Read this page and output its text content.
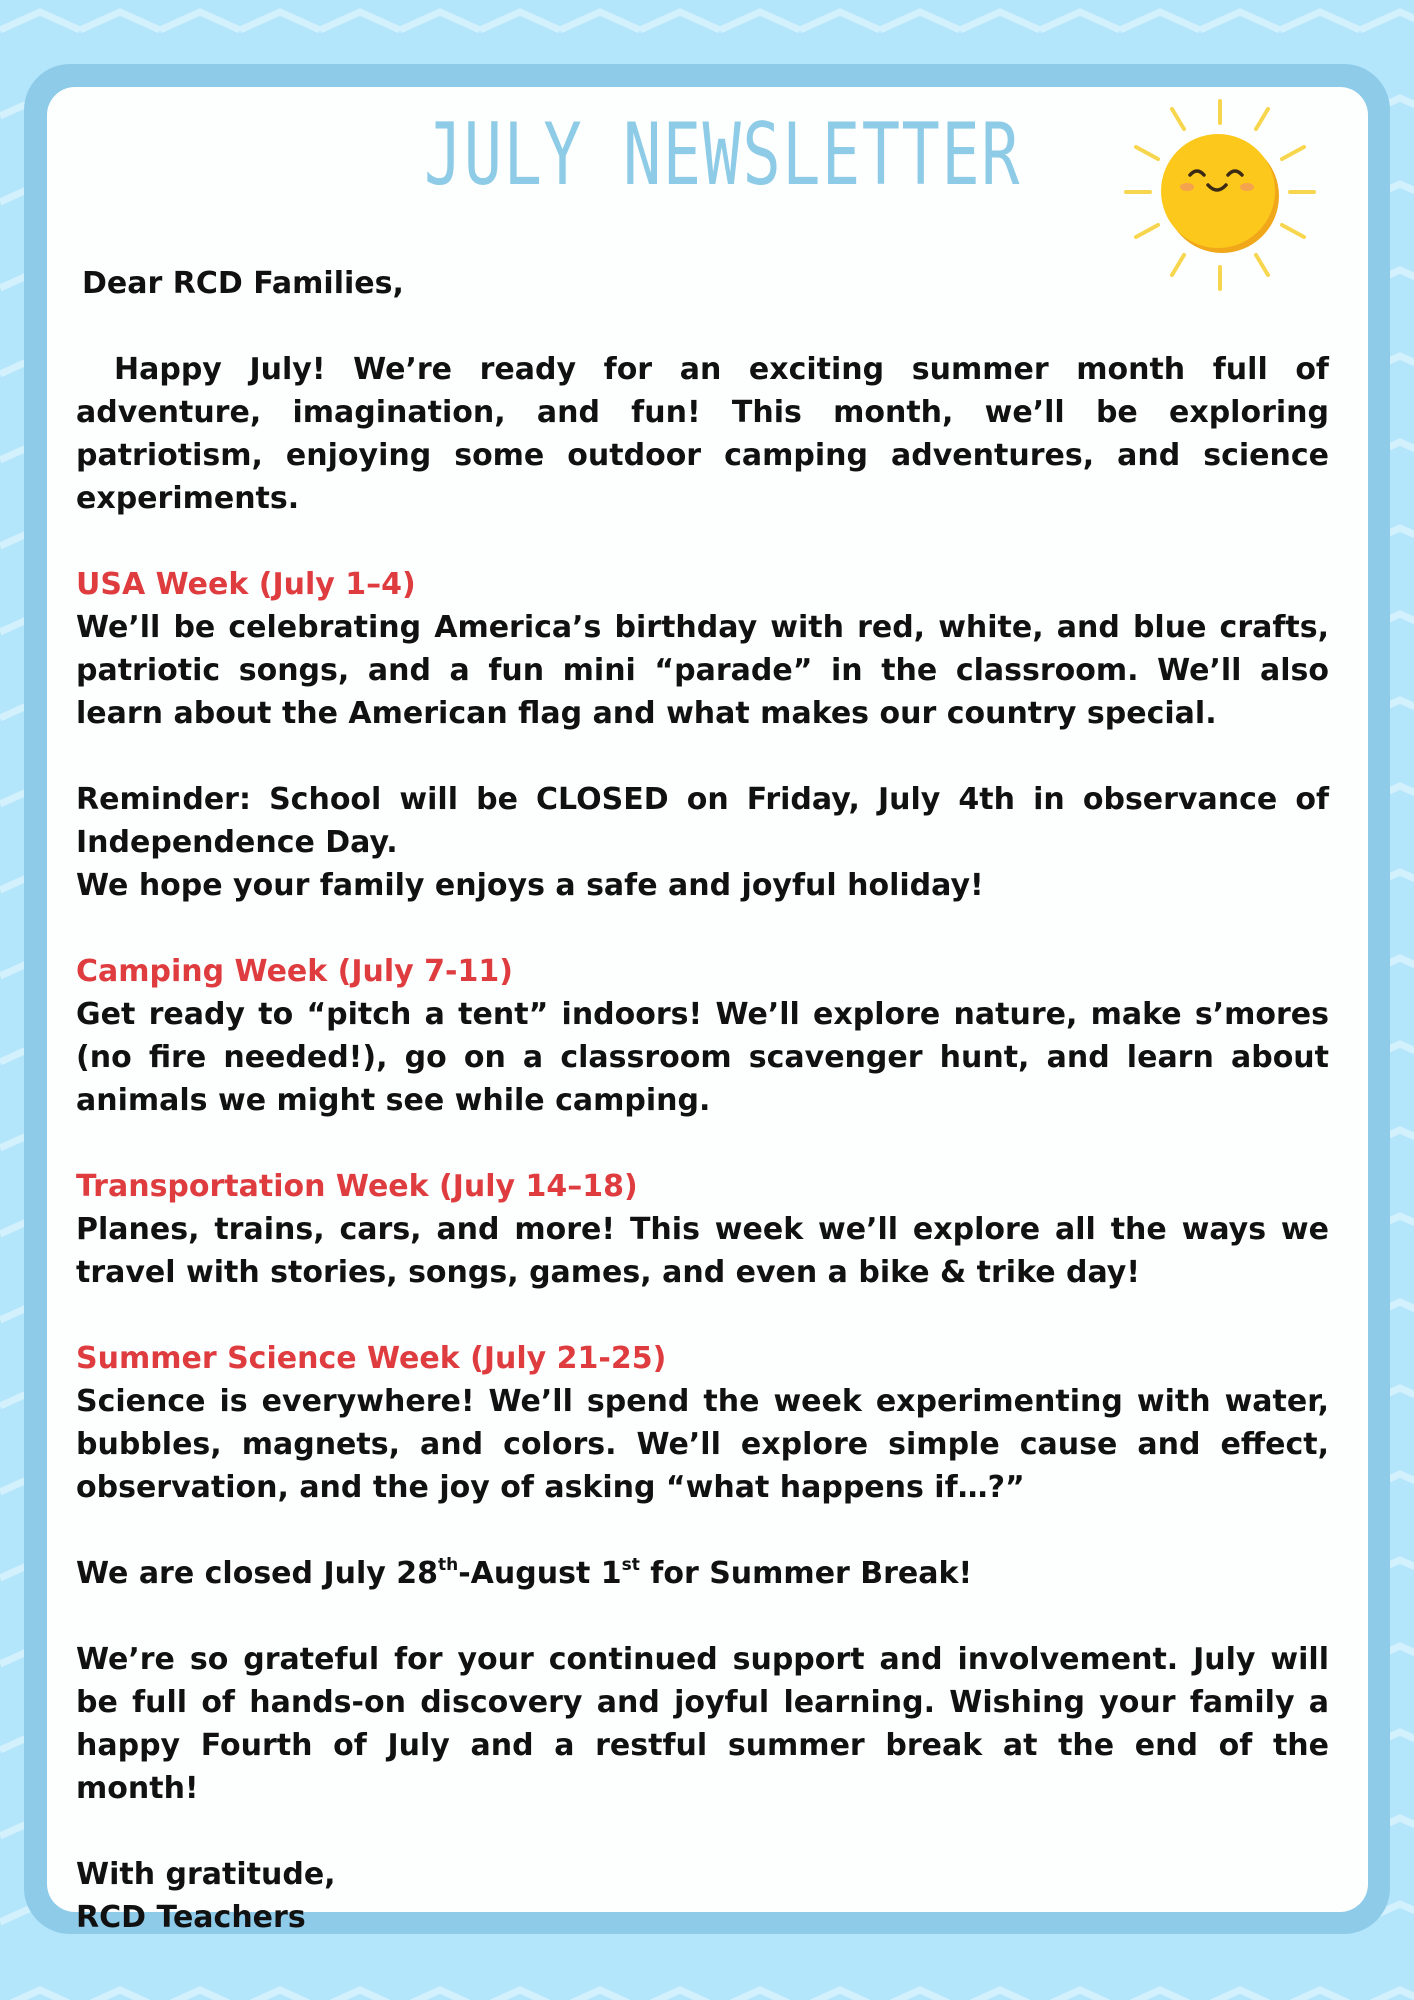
JULY NEWSLETTER

Dear RCD Families,

Happy July! We’re ready for an exciting summer month full of adventure, imagination, and fun! This month, we’ll be exploring patriotism, enjoying some outdoor camping adventures, and science experiments.

USA Week (July 1–4)

We’ll be celebrating America’s birthday with red, white, and blue crafts, patriotic songs, and a fun mini “parade” in the classroom. We’ll also learn about the American flag and what makes our country special.

Reminder: School will be CLOSED on Friday, July 4th in observance of Independence Day.

We hope your family enjoys a safe and joyful holiday!

Camping Week (July 7-11)

Get ready to “pitch a tent” indoors! We’ll explore nature, make s’mores (no fire needed!), go on a classroom scavenger hunt, and learn about animals we might see while camping.

Transportation Week (July 14–18)

Planes, trains, cars, and more! This week we’ll explore all the ways we travel with stories, songs, games, and even a bike & trike day!

Summer Science Week (July 21-25)

Science is everywhere! We’ll spend the week experimenting with water, bubbles, magnets, and colors. We’ll explore simple cause and effect, observation, and the joy of asking “what happens if…?”

We are closed July 28th-August 1st for Summer Break!

We’re so grateful for your continued support and involvement. July will be full of hands-on discovery and joyful learning. Wishing your family a happy Fourth of July and a restful summer break at the end of the month!

With gratitude,

RCD Teachers
